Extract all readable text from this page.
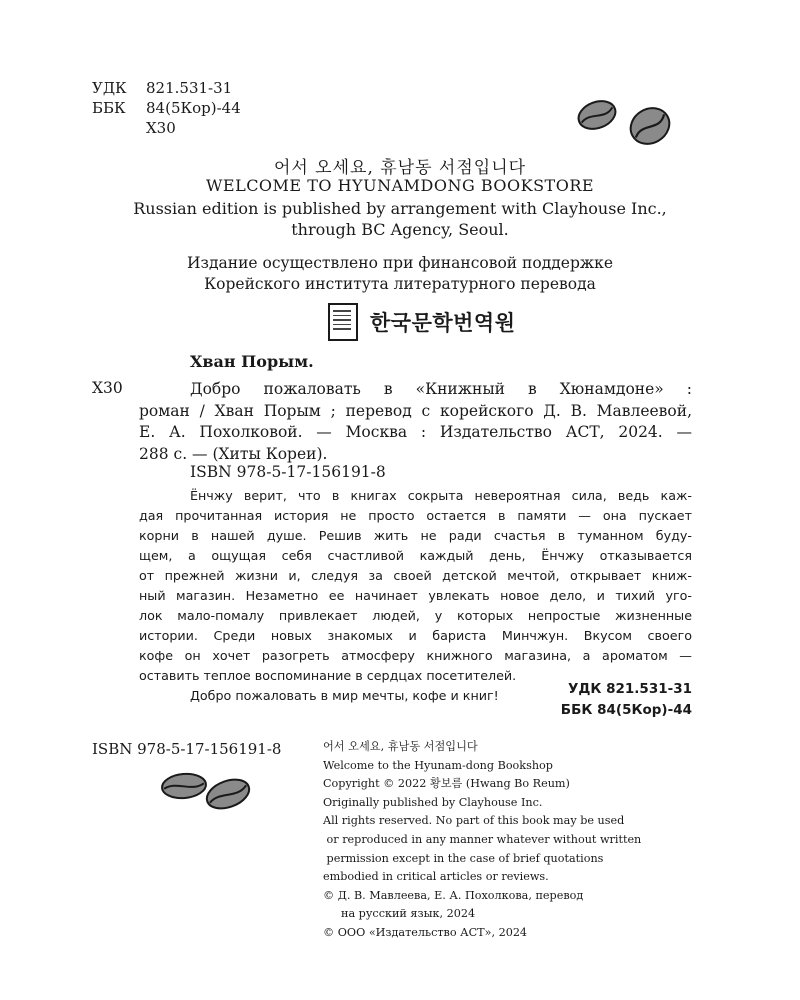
УДК	821.531-31
ББК	84(5Кор)-44
Х30
어서 오세요, 휴남동 서점입니다
WELCOME TO HYUNAMDONG BOOKSTORE
Russian edition is published by arrangement with Clayhouse Inc.,
through BC Agency, Seoul.
Издание осуществлено при финансовой поддержке
Корейского института литературного перевода
한국문학번역원
Хван Порым.
Х30	Добро пожаловать в «Книжный в Хюнамдоне» :
роман / Хван Порым ; перевод с корейского Д. В. Мавлеевой,
Е. А. Похолковой. — Москва : Издательство АСТ, 2024. —
288 с. — (Хиты Кореи).
ISBN 978-5-17-156191-8
Ёнчжу верит, что в книгах сокрыта невероятная сила, ведь каж-
дая прочитанная история не просто остается в памяти — она пускает
корни в нашей душе. Решив жить не ради счастья в туманном буду-
щем, а ощущая себя счастливой каждый день, Ёнчжу отказывается
от прежней жизни и, следуя за своей детской мечтой, открывает книж-
ный магазин. Незаметно ее начинает увлекать новое дело, и тихий уго-
лок мало-помалу привлекает людей, у которых непростые жизненные
истории. Среди новых знакомых и бариста Минчжун. Вкусом своего
кофе он хочет разогреть атмосферу книжного магазина, а ароматом —
оставить теплое воспоминание в сердцах посетителей.
Добро пожаловать в мир мечты, кофе и книг!	УДК 821.531-31
ББК 84(5Кор)-44
ISBN 978-5-17-156191-8	어서 오세요, 휴남동 서점입니다
Welcome to the Hyunam-dong Bookshop
Copyright © 2022 황보름 (Hwang Bo Reum)
Originally published by Clayhouse Inc.
All rights reserved. No part of this book may be used
or reproduced in any manner whatever without written
permission except in the case of brief quotations
embodied in critical articles or reviews.
© Д. В. Мавлеева, Е. А. Похолкова, перевод
на русский язык, 2024
© ООО «Издательство АСТ», 2024
